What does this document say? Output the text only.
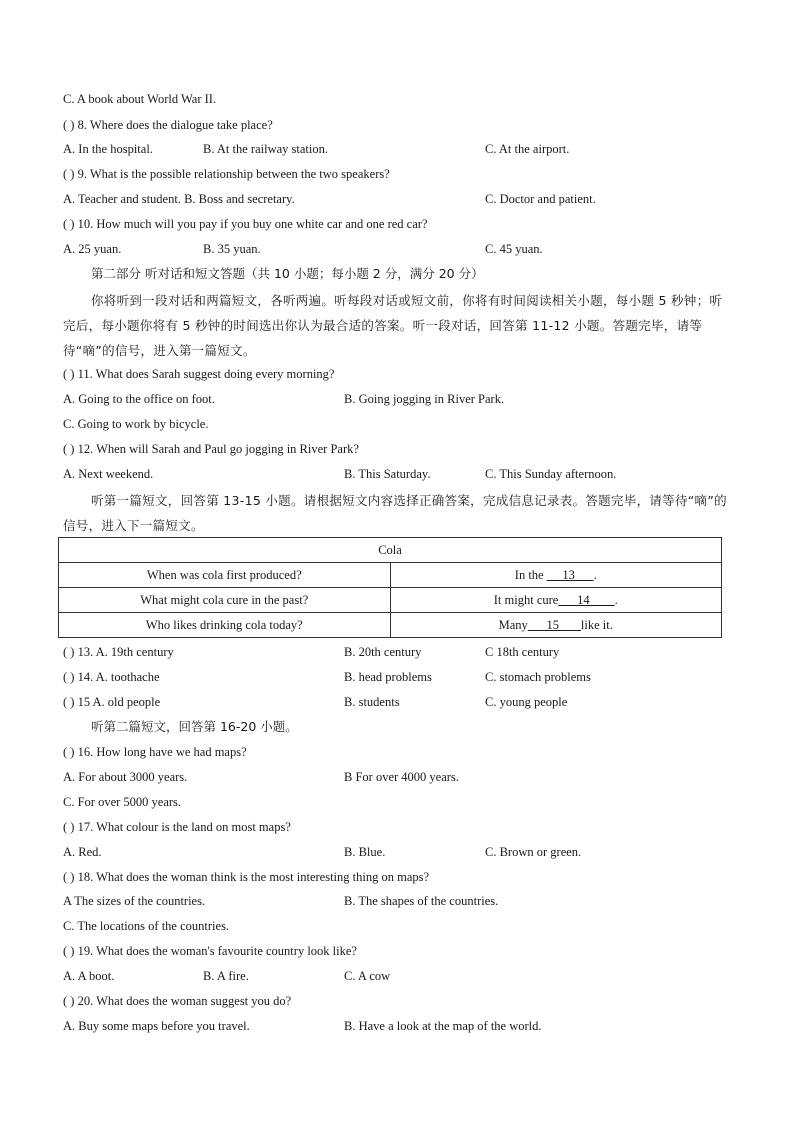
C. A book about World War II.
( ) 8. Where does the dialogue take place?
A. In the hospital.	B. At the railway station.	C. At the airport.
( ) 9. What is the possible relationship between the two speakers?
A. Teacher and student. B. Boss and secretary.	C. Doctor and patient.
( ) 10. How much will you pay if you buy one white car and one red car?
A. 25 yuan.	B. 35 yuan.	C. 45 yuan.
第二部分 听对话和短文答题（共 10 小题；每小题 2 分，满分 20 分）
你将听到一段对话和两篇短文，各听两遍。听每段对话或短文前，你将有时间阅读相关小题，每小题 5 秒钟；听完后，每小题你将有 5 秒钟的时间选出你认为最合适的答案。听一段对话，回答第 11-12 小题。答题完毕，请等待“嘀”的信号，进入第一篇短文。
( ) 11. What does Sarah suggest doing every morning?
A. Going to the office on foot.	B. Going jogging in River Park.
C. Going to work by bicycle.
( ) 12. When will Sarah and Paul go jogging in River Park?
A. Next weekend.	B. This Saturday.	C. This Sunday afternoon.
听第一篇短文，回答第 13-15 小题。请根据短文内容选择正确答案，完成信息记录表。答题完毕，请等待“嘀”的信号，进入下一篇短文。
Cola	
When was cola first produced?	In the      13      .
What might cola cure in the past?	It might cure      14        .
Who likes drinking cola today?	Many      15       like it.
( ) 13. A. 19th century	B. 20th century	C 18th century
( ) 14. A. toothache	B. head problems	C. stomach problems
( ) 15 A. old people	B. students	C. young people
听第二篇短文，回答第 16-20 小题。
( ) 16. How long have we had maps?
A. For about 3000 years.	B For over 4000 years.
C. For over 5000 years.
( ) 17. What colour is the land on most maps?
A. Red.	B. Blue.	C. Brown or green.
( ) 18. What does the woman think is the most interesting thing on maps?
A The sizes of the countries.	B. The shapes of the countries.
C. The locations of the countries.
( ) 19. What does the woman's favourite country look like?
A. A boot.	B. A fire.	C. A cow
( ) 20. What does the woman suggest you do?
A. Buy some maps before you travel.	B. Have a look at the map of the world.
